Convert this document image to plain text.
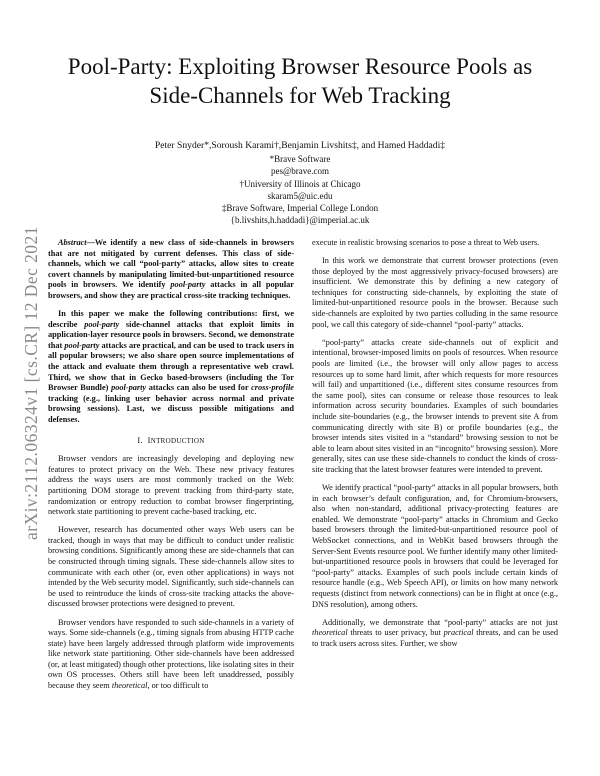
Pool-Party: Exploiting Browser Resource Pools as
Side-Channels for Web Tracking
Peter Snyder*,Soroush Karami†,Benjamin Livshits‡, and Hamed Haddadi‡
*Brave Software
pes@brave.com
†University of Illinois at Chicago
skaram5@uic.edu
‡Brave Software, Imperial College London
{b.livshits,h.haddadi}@imperial.ac.uk
arXiv:2112.06324v1 [cs.CR] 12 Dec 2021	Abstract—We identify a new class of side-channels in browsers that are not mitigated by current defenses. This class of side-channels, which we call “pool-party” attacks, allow sites to create covert channels by manipulating limited-but-unpartitioned resource pools in browsers. We identify pool-party attacks in all popular browsers, and show they are practical cross-site tracking techniques.

In this paper we make the following contributions: first, we describe pool-party side-channel attacks that exploit limits in application-layer resource pools in browsers. Second, we demonstrate that pool-party attacks are practical, and can be used to track users in all popular browsers; we also share open source implementations of the attack and evaluate them through a representative web crawl. Third, we show that in Gecko based-browsers (including the Tor Browser Bundle) pool-party attacks can also be used for cross-profile tracking (e.g., linking user behavior across normal and private browsing sessions). Last, we discuss possible mitigations and defenses.

I. INTRODUCTION

Browser vendors are increasingly developing and deploying new features to protect privacy on the Web. These new privacy features address the ways users are most commonly tracked on the Web: partitioning DOM storage to prevent tracking from third-party state, randomization or entropy reduction to combat browser fingerprinting, network state partitioning to prevent cache-based tracking, etc.

However, research has documented other ways Web users can be tracked, though in ways that may be difficult to conduct under realistic browsing conditions. Significantly among these are side-channels that can be constructed through timing signals. These side-channels allow sites to communicate with each other (or, even other applications) in ways not intended by the Web security model. Significantly, such side-channels can be used to reintroduce the kinds of cross-site tracking attacks the above-discussed browser protections were designed to prevent.

Browser vendors have responded to such side-channels in a variety of ways. Some side-channels (e.g., timing signals from abusing HTTP cache state) have been largely addressed through platform wide improvements like network state partitioning. Other side-channels have been addressed (or, at least mitigated) though other protections, like isolating sites in their own OS processes. Others still have been left unaddressed, possibly because they seem theoretical, or too difficult to

execute in realistic browsing scenarios to pose a threat to Web users.

In this work we demonstrate that current browser protections (even those deployed by the most aggressively privacy-focused browsers) are insufficient. We demonstrate this by defining a new category of techniques for constructing side-channels, by exploiting the state of limited-but-unpartitioned resource pools in the browser. Because such side-channels are exploited by two parties colluding in the same resource pool, we call this category of side-channel “pool-party” attacks.

“pool-party” attacks create side-channels out of explicit and intentional, browser-imposed limits on pools of resources. When resource pools are limited (i.e., the browser will only allow pages to access resources up to some hard limit, after which requests for more resources will fail) and unpartitioned (i.e., different sites consume resources from the same pool), sites can consume or release those resources to leak information across security boundaries. Examples of such boundaries include site-boundaries (e.g., the browser intends to prevent site A from communicating directly with site B) or profile boundaries (e.g., the browser intends sites visited in a “standard” browsing session to not be able to learn about sites visited in an “incognito” browsing session). More generally, sites can use these side-channels to conduct the kinds of cross-site tracking that the latest browser features were intended to prevent.

We identify practical “pool-party” attacks in all popular browsers, both in each browser’s default configuration, and, for Chromium-browsers, also when non-standard, additional privacy-protecting features are enabled. We demonstrate “pool-party” attacks in Chromium and Gecko based browsers through the limited-but-unpartitioned resource pool of WebSocket connections, and in WebKit based browsers through the Server-Sent Events resource pool. We further identify many other limited-but-unpartitioned resource pools in browsers that could be leveraged for “pool-party” attacks. Examples of such pools include certain kinds of resource handle (e.g., Web Speech API), or limits on how many network requests (distinct from network connections) can be in flight at once (e.g., DNS resolution), among others.

Additionally, we demonstrate that “pool-party” attacks are not just theoretical threats to user privacy, but practical threats, and can be used to track users across sites. Further, we show
